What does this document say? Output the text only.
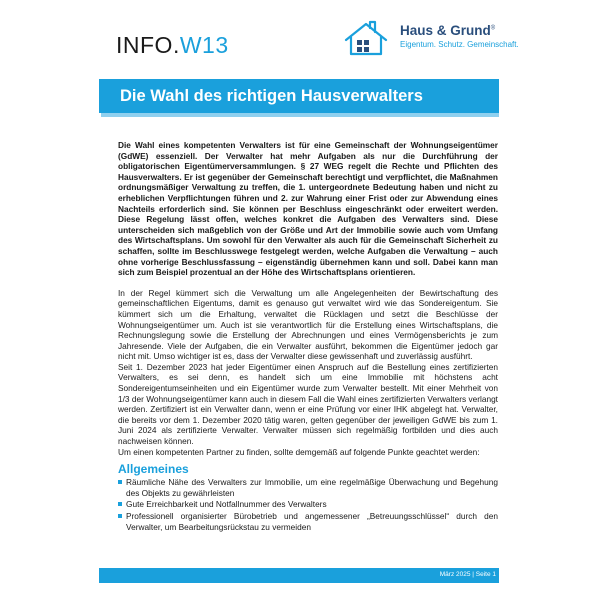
INFO.W13
Haus & Grund®
Eigentum. Schutz. Gemeinschaft.
Die Wahl des richtigen Hausverwalters

Die Wahl eines kompetenten Verwalters ist für eine Gemeinschaft der Wohnungseigentümer (GdWE) essenziell. Der Verwalter hat mehr Aufgaben als nur die Durchführung der obligatorischen Eigentümerversammlungen. § 27 WEG regelt die Rechte und Pflichten des Hausverwalters. Er ist gegenüber der Gemeinschaft berechtigt und verpflichtet, die Maßnahmen ordnungsmäßiger Verwaltung zu treffen, die 1. untergeordnete Bedeutung haben und nicht zu erheblichen Verpflichtungen führen und 2. zur Wahrung einer Frist oder zur Abwendung eines Nachteils erforderlich sind. Sie können per Beschluss eingeschränkt oder erweitert werden. Diese Regelung lässt offen, welches konkret die Aufgaben des Verwalters sind. Diese unterscheiden sich maßgeblich von der Größe und Art der Immobilie sowie auch vom Umfang des Wirtschaftsplans. Um sowohl für den Verwalter als auch für die Gemeinschaft Sicherheit zu schaffen, sollte im Beschlusswege festgelegt werden, welche Aufgaben die Verwaltung – auch ohne vorherige Beschlussfassung – eigenständig übernehmen kann und soll. Dabei kann man sich zum Beispiel prozentual an der Höhe des Wirtschaftsplans orientieren.

In der Regel kümmert sich die Verwaltung um alle Angelegenheiten der Bewirtschaftung des gemeinschaftlichen Eigentums, damit es genauso gut verwaltet wird wie das Sondereigentum. Sie kümmert sich um die Erhaltung, verwaltet die Rücklagen und setzt die Beschlüsse der Wohnungseigentümer um. Auch ist sie verantwortlich für die Erstellung eines Wirtschaftsplans, die Rechnungslegung sowie die Erstellung der Abrechnungen und eines Vermögensberichts je zum Jahresende. Viele der Aufgaben, die ein Verwalter ausführt, bekommen die Eigentümer jedoch gar nicht mit. Umso wichtiger ist es, dass der Verwalter diese gewissenhaft und zuverlässig ausführt.

Seit 1. Dezember 2023 hat jeder Eigentümer einen Anspruch auf die Bestellung eines zertifizierten Verwalters, es sei denn, es handelt sich um eine Immobilie mit höchstens acht Sondereigentumseinheiten und ein Eigentümer wurde zum Verwalter bestellt. Mit einer Mehrheit von 1/3 der Wohnungseigentümer kann auch in diesem Fall die Wahl eines zertifizierten Verwalters verlangt werden. Zertifiziert ist ein Verwalter dann, wenn er eine Prüfung vor einer IHK abgelegt hat. Verwalter, die bereits vor dem 1. Dezember 2020 tätig waren, gelten gegenüber der jeweiligen GdWE bis zum 1. Juni 2024 als zertifizierte Verwalter. Verwalter müssen sich regelmäßig fortbilden und dies auch nachweisen können.

Um einen kompetenten Partner zu finden, sollte demgemäß auf folgende Punkte geachtet werden:

Allgemeines
Räumliche Nähe des Verwalters zur Immobilie, um eine regelmäßige Überwachung und Begehung des Objekts zu gewährleisten
Gute Erreichbarkeit und Notfallnummer des Verwalters
Professionell organisierter Bürobetrieb und angemessener „Betreuungsschlüssel“ durch den Verwalter, um Bearbeitungsrückstau zu vermeiden
März 2025 | Seite 1
